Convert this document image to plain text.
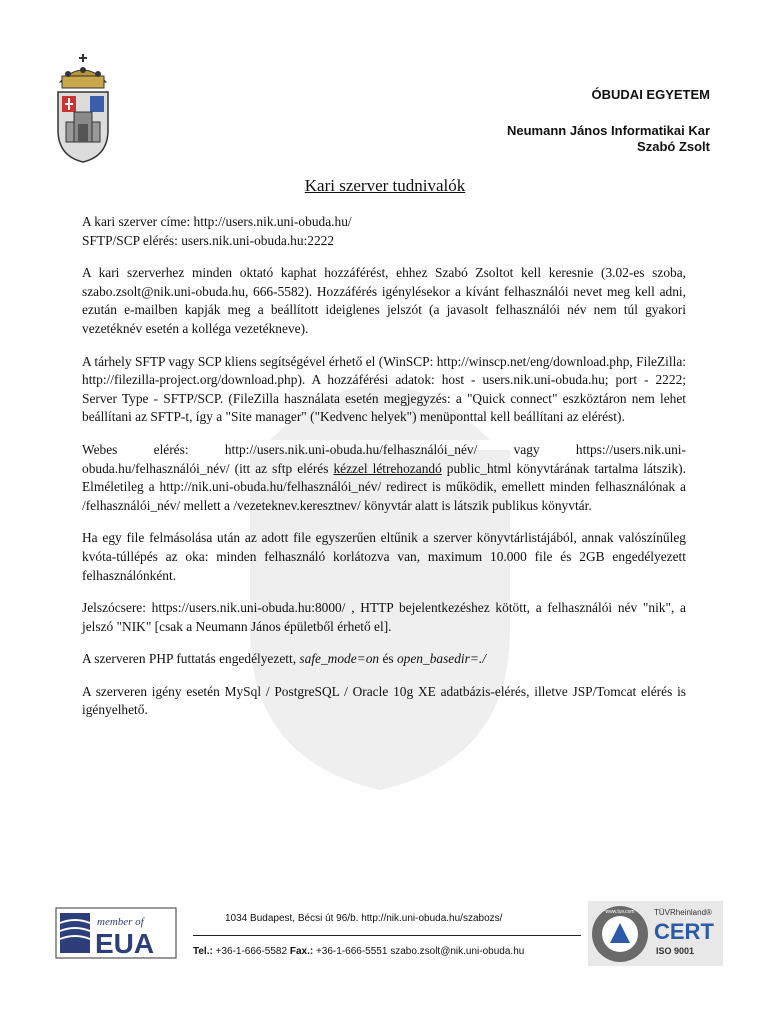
ÓBUDAI EGYETEM
Neumann János Informatikai Kar
Szabó Zsolt
Kari szerver tudnivalók

A kari szerver címe: http://users.nik.uni-obuda.hu/
SFTP/SCP elérés: users.nik.uni-obuda.hu:2222

A kari szerverhez minden oktató kaphat hozzáférést, ehhez Szabó Zsoltot kell keresnie (3.02-es szoba, szabo.zsolt@nik.uni-obuda.hu, 666-5582). Hozzáférés igénylésekor a kívánt felhasználói nevet meg kell adni, ezután e-mailben kapják meg a beállított ideiglenes jelszót (a javasolt felhasználói név nem túl gyakori vezetéknév esetén a kolléga vezetékneve).

A tárhely SFTP vagy SCP kliens segítségével érhető el (WinSCP: http://winscp.net/eng/download.php, FileZilla: http://filezilla-project.org/download.php). A hozzáférési adatok: host - users.nik.uni-obuda.hu; port - 2222; Server Type - SFTP/SCP. (FileZilla használata esetén megjegyzés: a "Quick connect" eszköztáron nem lehet beállítani az SFTP-t, így a "Site manager" ("Kedvenc helyek") menüponttal kell beállítani az elérést).

Webes elérés: http://users.nik.uni-obuda.hu/felhasználói_név/ vagy https://users.nik.uni-obuda.hu/felhasználói_név/ (itt az sftp elérés kézzel létrehozandó public_html könyvtárának tartalma látszik). Elméletileg a http://nik.uni-obuda.hu/felhasználói_név/ redirect is működik, emellett minden felhasználónak a /felhasználói_név/ mellett a /vezeteknev.keresztnev/ könyvtár alatt is látszik publikus könyvtár.

Ha egy file felmásolása után az adott file egyszerűen eltűnik a szerver könyvtárlistájából, annak valószínűleg kvóta-túllépés az oka: minden felhasználó korlátozva van, maximum 10.000 file és 2GB engedélyezett felhasználónként.

Jelszócsere: https://users.nik.uni-obuda.hu:8000/ , HTTP bejelentkezéshez kötött, a felhasználói név "nik", a jelszó "NIK" [csak a Neumann János épületből érhető el].

A szerveren PHP futtatás engedélyezett, safe_mode=on és open_basedir=./

A szerveren igény esetén MySql / PostgreSQL / Oracle 10g XE adatbázis-elérés, illetve JSP/Tomcat elérés is igényelhető.

member of
EUA
1034 Budapest, Bécsi út 96/b. http://nik.uni-obuda.hu/szabozs/
Tel.: +36-1-666-5582 Fax.: +36-1-666-5551 szabo.zsolt@nik.uni-obuda.hu
www.tuv.com TÜVRheinland®
CERT
ISO 9001
